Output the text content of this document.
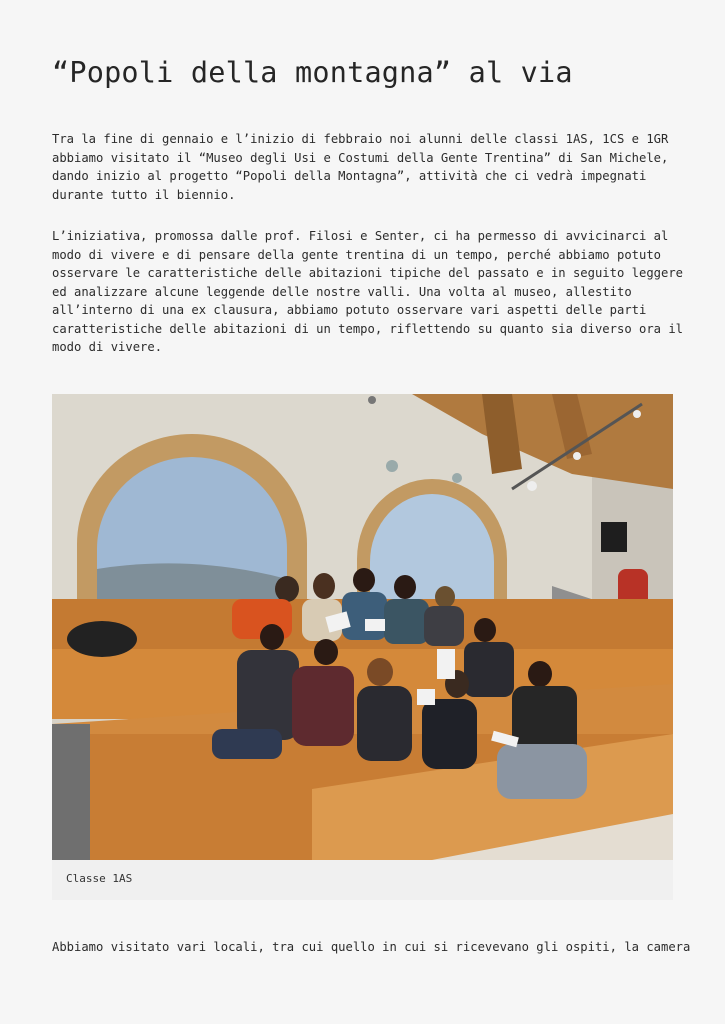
“Popoli della montagna” al via
Tra la fine di gennaio e l’inizio di febbraio noi alunni delle classi 1AS, 1CS e 1GR
abbiamo visitato il “Museo degli Usi e Costumi della Gente Trentina” di San Michele,
dando inizio al progetto “Popoli della Montagna”, attività che ci vedrà impegnati
durante tutto il biennio.
L’iniziativa, promossa dalle prof. Filosi e Senter, ci ha permesso di avvicinarci al
modo di vivere e di pensare della gente trentina di un tempo, perché abbiamo potuto
osservare le caratteristiche delle abitazioni tipiche del passato e in seguito leggere
ed analizzare alcune leggende delle nostre valli. Una volta al museo, allestito
all’interno di una ex clausura, abbiamo potuto osservare vari aspetti delle parti
caratteristiche delle abitazioni di un tempo, riflettendo su quanto sia diverso ora il
modo di vivere.
Classe 1AS
Abbiamo visitato vari locali, tra cui quello in cui si ricevevano gli ospiti, la camera
